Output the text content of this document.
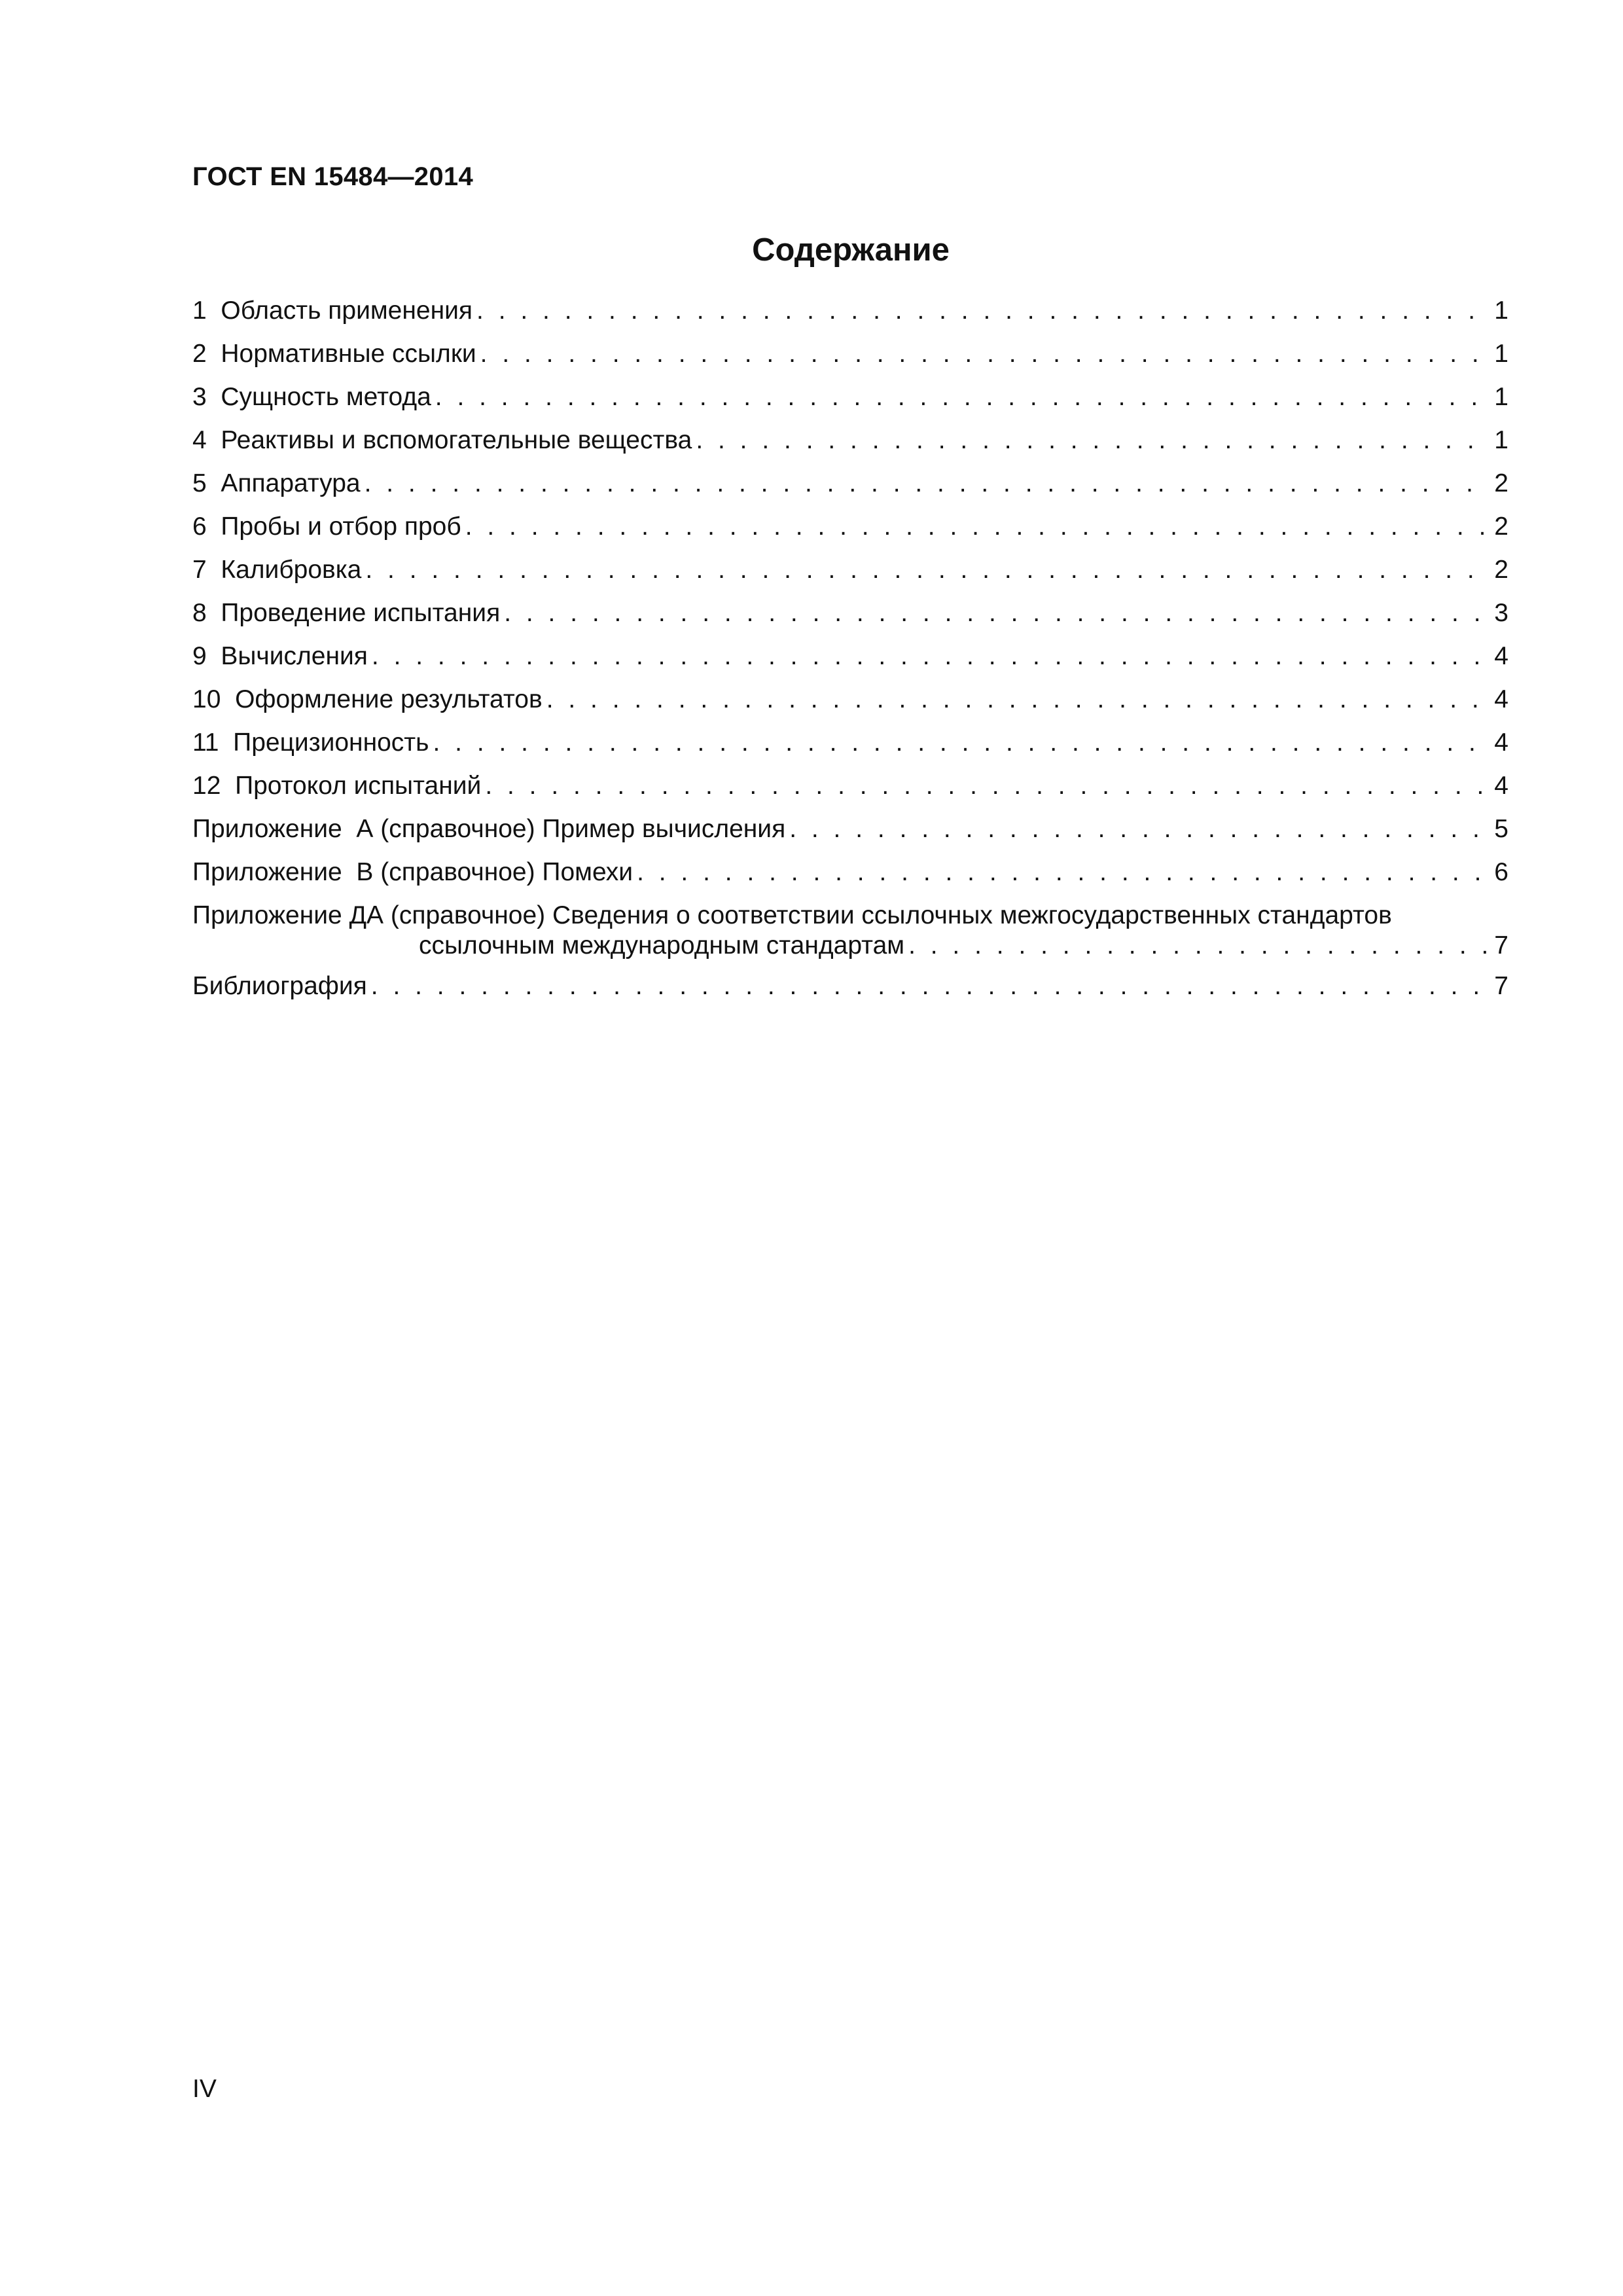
ГОСТ EN 15484—2014
Содержание
1 Область применения . . .	1
2 Нормативные ссылки . . .	1
3 Сущность метода . . .	1
4 Реактивы и вспомогательные вещества . . .	1
5 Аппаратура . . .	2
6 Пробы и отбор проб . . .	2
7 Калибровка . . .	2
8 Проведение испытания . . .	3
9 Вычисления . . .	4
10 Оформление результатов . . .	4
11 Прецизионность . . .	4
12 Протокол испытаний . . .	4
Приложение А (справочное) Пример вычисления . . .	5
Приложение В (справочное) Помехи . . .	6
Приложение ДА (справочное) Сведения о соответствии ссылочных межгосударственных стандартов
ссылочным международным стандартам . . .	7
Библиография . . .	7
IV
